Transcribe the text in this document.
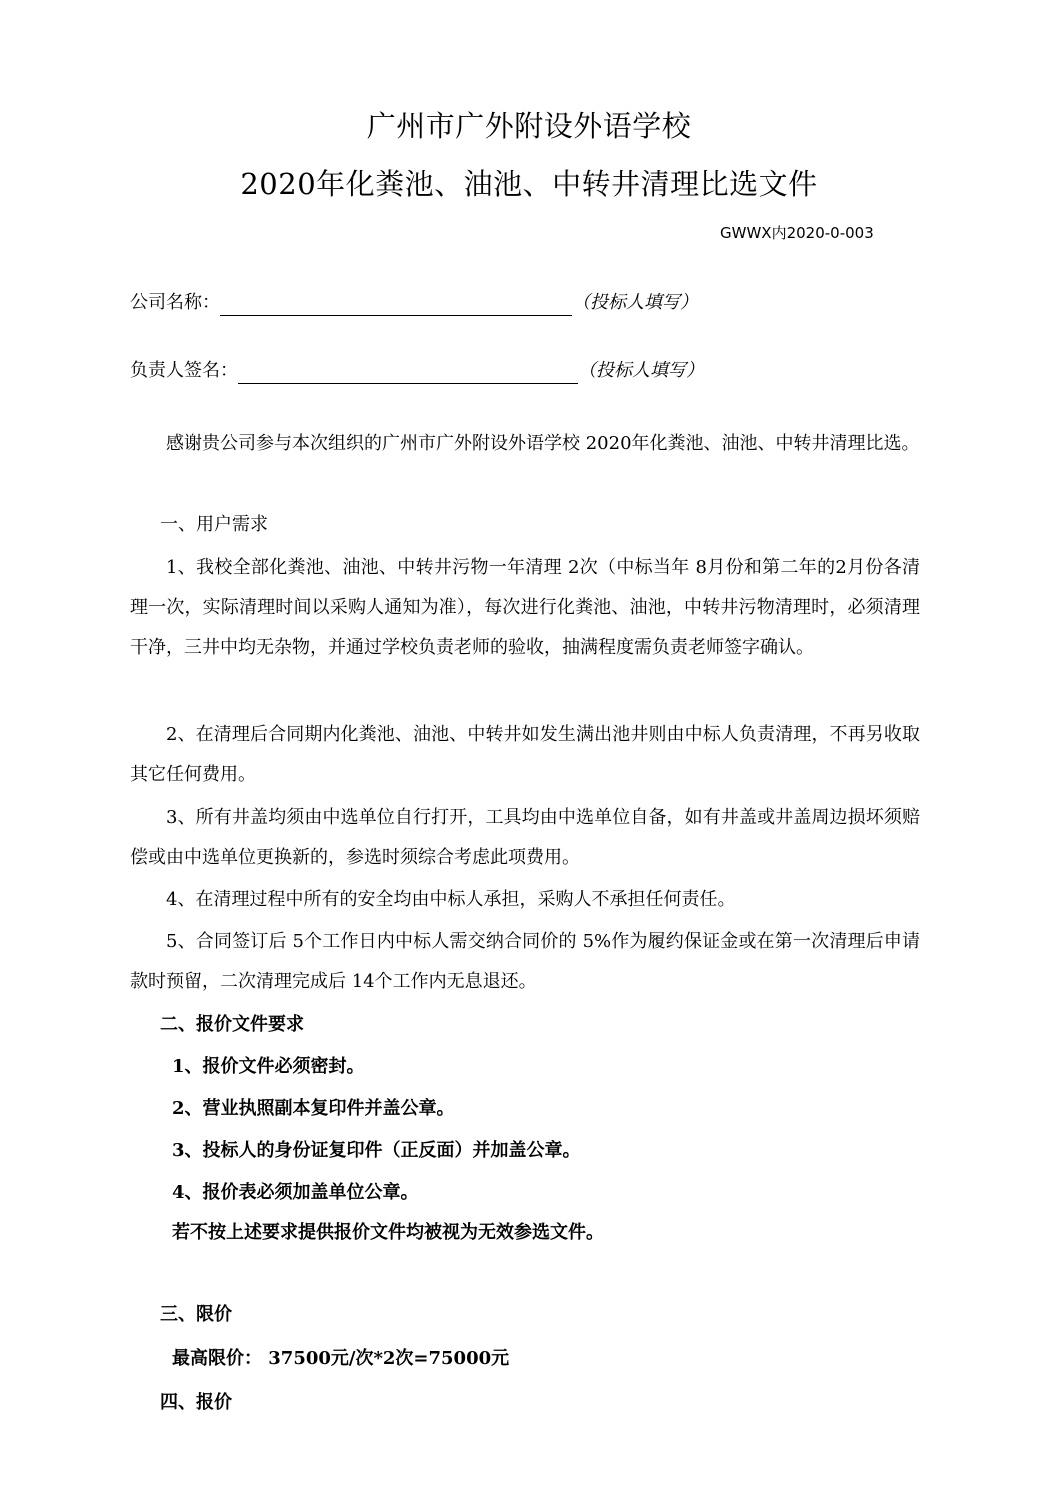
广州市广外附设外语学校
2020年化粪池、油池、中转井清理比选文件
GWWX内2020-0-003
公司名称：	（投标人填写）
负责人签名：	（投标人填写）

感谢贵公司参与本次组织的广州市广外附设外语学校 2020年化粪池、油池、中转井清理比选。

一、用户需求

1、我校全部化粪池、油池、中转井污物一年清理 2次（中标当年 8月份和第二年的2月份各清理一次，实际清理时间以采购人通知为准），每次进行化粪池、油池，中转井污物清理时，必须清理干净，三井中均无杂物，并通过学校负责老师的验收，抽满程度需负责老师签字确认。

2、在清理后合同期内化粪池、油池、中转井如发生满出池井则由中标人负责清理，不再另收取其它任何费用。

3、所有井盖均须由中选单位自行打开，工具均由中选单位自备，如有井盖或井盖周边损坏须赔偿或由中选单位更换新的，参选时须综合考虑此项费用。

4、在清理过程中所有的安全均由中标人承担，采购人不承担任何责任。

5、合同签订后 5个工作日内中标人需交纳合同价的 5%作为履约保证金或在第一次清理后申请款时预留，二次清理完成后 14个工作内无息退还。

二、报价文件要求
1、报价文件必须密封。
2、营业执照副本复印件并盖公章。
3、投标人的身份证复印件（正反面）并加盖公章。
4、报价表必须加盖单位公章。
若不按上述要求提供报价文件均被视为无效参选文件。
三、限价
最高限价： 37500元/次*2次=75000元
四、报价
